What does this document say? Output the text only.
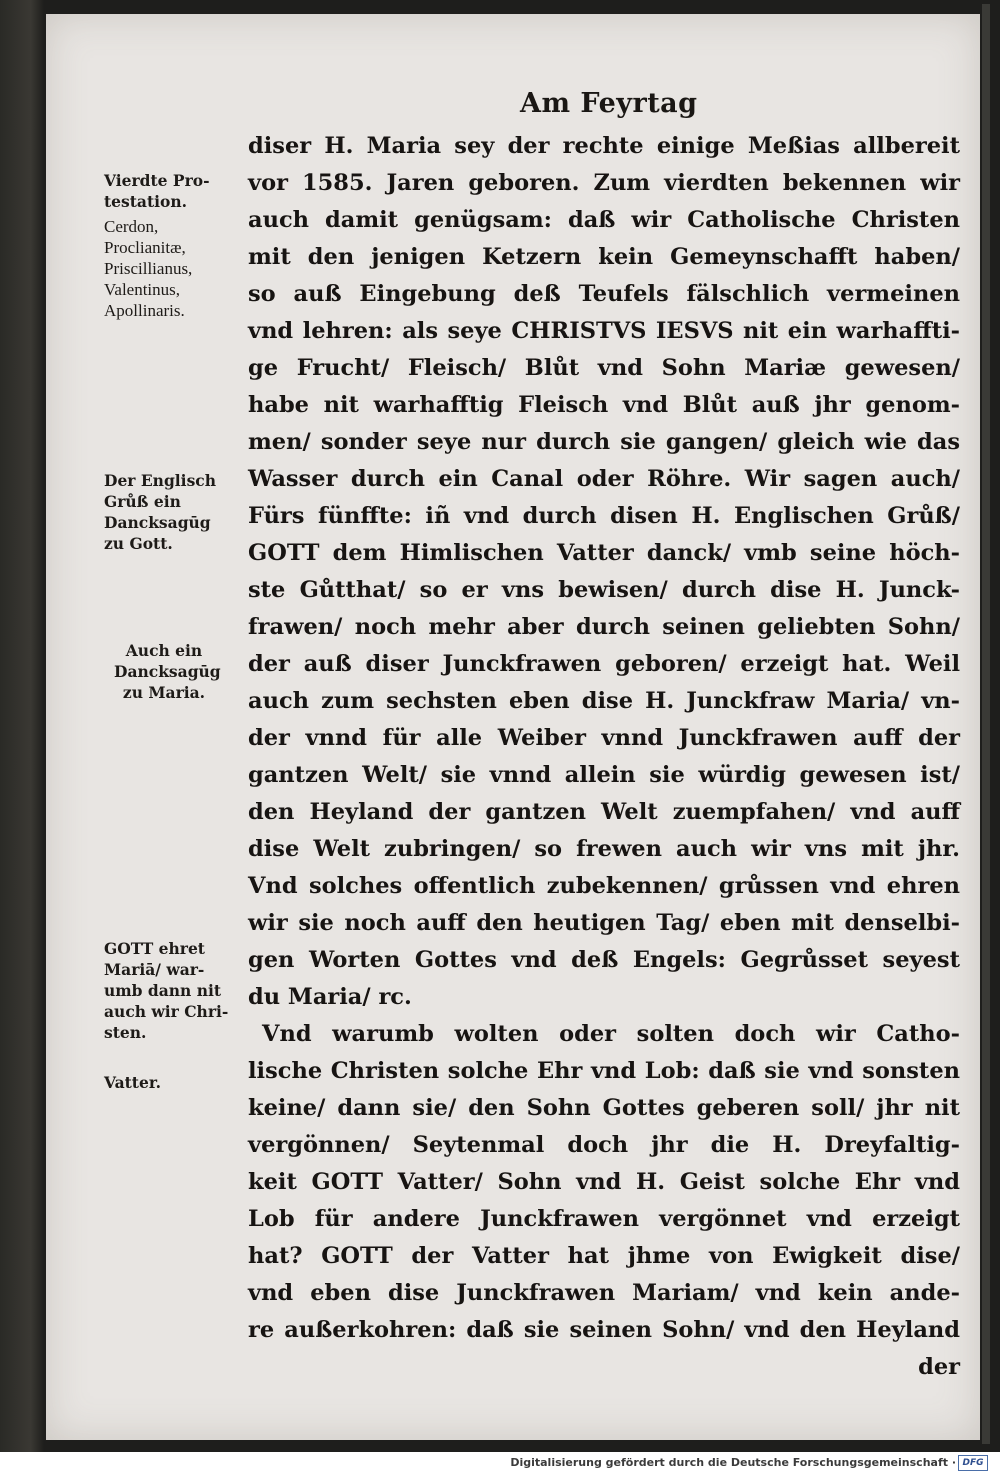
Am Feyrtag
Vierdte Pro-
testation.
Cerdon,
Proclianitæ,
Priscillianus,
Valentinus,
Apollinaris.
Der Englisch
Grůß ein
Dancksagūg
zu Gott.
Auch ein
Dancksagūg
zu Maria.
GOTT ehret
Mariā/ war-
umb dann nit
auch wir Chri-
sten.
Vatter.
diser H. Maria sey der rechte einige Meßias allbereit
vor 1585. Jaren geboren. Zum vierdten bekennen wir
auch damit genügsam: daß wir Catholische Christen
mit den jenigen Ketzern kein Gemeynschafft haben/
so auß Eingebung deß Teufels fälschlich vermeinen
vnd lehren: als seye CHRISTVS IESVS nit ein warhaffti-
ge Frucht/ Fleisch/ Blůt vnd Sohn Mariæ gewesen/
habe nit warhafftig Fleisch vnd Blůt auß jhr genom-
men/ sonder seye nur durch sie gangen/ gleich wie das
Wasser durch ein Canal oder Röhre. Wir sagen auch/
Fürs fünffte: iñ vnd durch disen H. Englischen Grůß/
GOTT dem Himlischen Vatter danck/ vmb seine höch-
ste Gůtthat/ so er vns bewisen/ durch dise H. Junck-
frawen/ noch mehr aber durch seinen geliebten Sohn/
der auß diser Junckfrawen geboren/ erzeigt hat. Weil
auch zum sechsten eben dise H. Junckfraw Maria/ vn-
der vnnd für alle Weiber vnnd Junckfrawen auff der
gantzen Welt/ sie vnnd allein sie würdig gewesen ist/
den Heyland der gantzen Welt zuempfahen/ vnd auff
dise Welt zubringen/ so frewen auch wir vns mit jhr.
Vnd solches offentlich zubekennen/ grůssen vnd ehren
wir sie noch auff den heutigen Tag/ eben mit denselbi-
gen Worten Gottes vnd deß Engels: Gegrůsset seyest
du Maria/ rc.
Vnd warumb wolten oder solten doch wir Catho-
lische Christen solche Ehr vnd Lob: daß sie vnd sonsten
keine/ dann sie/ den Sohn Gottes geberen soll/ jhr nit
vergönnen/ Seytenmal doch jhr die H. Dreyfaltig-
keit GOTT Vatter/ Sohn vnd H. Geist solche Ehr vnd
Lob für andere Junckfrawen vergönnet vnd erzeigt
hat? GOTT der Vatter hat jhme von Ewigkeit dise/
vnd eben dise Junckfrawen Mariam/ vnd kein ande-
re außerkohren: daß sie seinen Sohn/ vnd den Heyland
der
Digitalisierung gefördert durch die Deutsche Forschungsgemeinschaft · DFG
